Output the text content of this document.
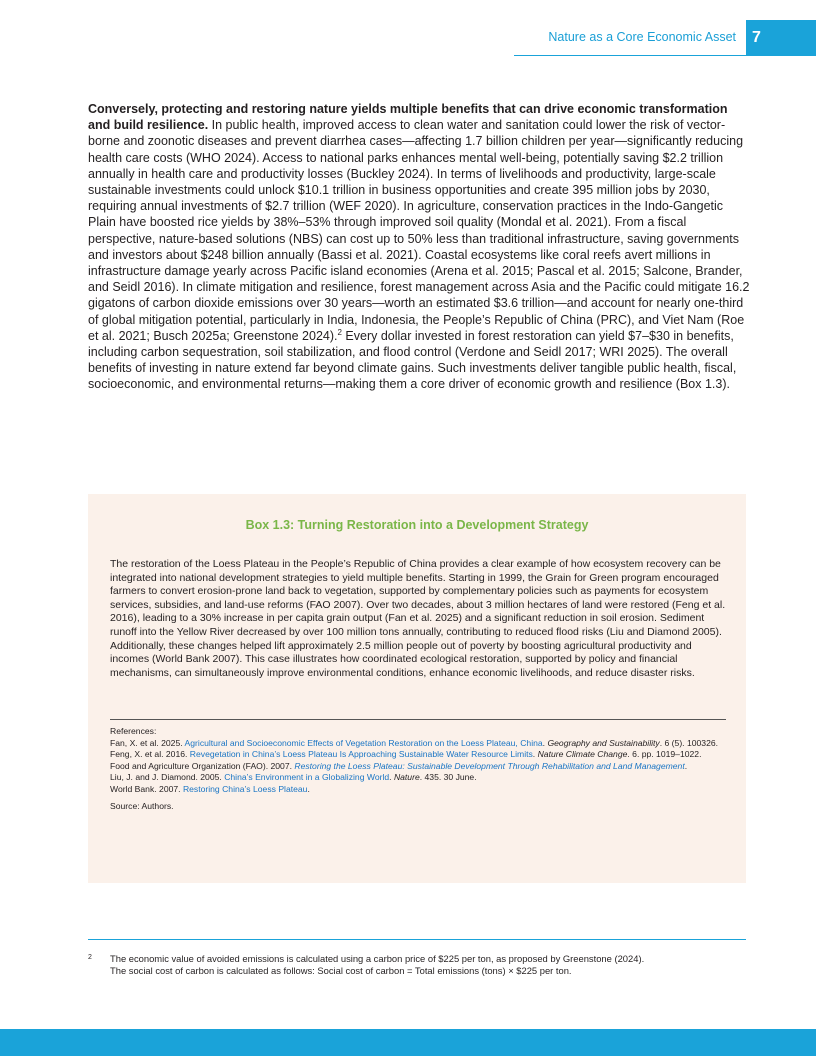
Nature as a Core Economic Asset	7

Conversely, protecting and restoring nature yields multiple benefits that can drive economic transformation and build resilience. In public health, improved access to clean water and sanitation could lower the risk of vector-borne and zoonotic diseases and prevent diarrhea cases—affecting 1.7 billion children per year—significantly reducing health care costs (WHO 2024). Access to national parks enhances mental well-being, potentially saving $2.2 trillion annually in health care and productivity losses (Buckley 2024). In terms of livelihoods and productivity, large-scale sustainable investments could unlock $10.1 trillion in business opportunities and create 395 million jobs by 2030, requiring annual investments of $2.7 trillion (WEF 2020). In agriculture, conservation practices in the Indo-Gangetic Plain have boosted rice yields by 38%–53% through improved soil quality (Mondal et al. 2021). From a fiscal perspective, nature-based solutions (NBS) can cost up to 50% less than traditional infrastructure, saving governments and investors about $248 billion annually (Bassi et al. 2021). Coastal ecosystems like coral reefs avert millions in infrastructure damage yearly across Pacific island economies (Arena et al. 2015; Pascal et al. 2015; Salcone, Brander, and Seidl 2016). In climate mitigation and resilience, forest management across Asia and the Pacific could mitigate 16.2 gigatons of carbon dioxide emissions over 30 years—worth an estimated $3.6 trillion—and account for nearly one-third of global mitigation potential, particularly in India, Indonesia, the People’s Republic of China (PRC), and Viet Nam (Roe et al. 2021; Busch 2025a; Greenstone 2024).$^2$ Every dollar invested in forest restoration can yield $7–$30 in benefits, including carbon sequestration, soil stabilization, and flood control (Verdone and Seidl 2017; WRI 2025). The overall benefits of investing in nature extend far beyond climate gains. Such investments deliver tangible public health, fiscal, socioeconomic, and environmental returns—making them a core driver of economic growth and resilience (Box 1.3).

Box 1.3: Turning Restoration into a Development Strategy

The restoration of the Loess Plateau in the People’s Republic of China provides a clear example of how ecosystem recovery can be integrated into national development strategies to yield multiple benefits. Starting in 1999, the Grain for Green program encouraged farmers to convert erosion-prone land back to vegetation, supported by complementary policies such as payments for ecosystem services, subsidies, and land-use reforms (FAO 2007). Over two decades, about 3 million hectares of land were restored (Feng et al. 2016), leading to a 30% increase in per capita grain output (Fan et al. 2025) and a significant reduction in soil erosion. Sediment runoff into the Yellow River decreased by over 100 million tons annually, contributing to reduced flood risks (Liu and Diamond 2005). Additionally, these changes helped lift approximately 2.5 million people out of poverty by boosting agricultural productivity and incomes (World Bank 2007). This case illustrates how coordinated ecological restoration, supported by policy and financial mechanisms, can simultaneously improve environmental conditions, enhance economic livelihoods, and reduce disaster risks.

References:

Fan, X. et al. 2025. Agricultural and Socioeconomic Effects of Vegetation Restoration on the Loess Plateau, China. Geography and Sustainability. 6 (5). 100326.

Feng, X. et al. 2016. Revegetation in China’s Loess Plateau Is Approaching Sustainable Water Resource Limits. Nature Climate Change. 6. pp. 1019–1022.

Food and Agriculture Organization (FAO). 2007. Restoring the Loess Plateau: Sustainable Development Through Rehabilitation and Land Management.

Liu, J. and J. Diamond. 2005. China’s Environment in a Globalizing World. Nature. 435. 30 June.

World Bank. 2007. Restoring China’s Loess Plateau.

Source: Authors.
2 The economic value of avoided emissions is calculated using a carbon price of $225 per ton, as proposed by Greenstone (2024).
The social cost of carbon is calculated as follows: Social cost of carbon = Total emissions (tons) × $225 per ton.
